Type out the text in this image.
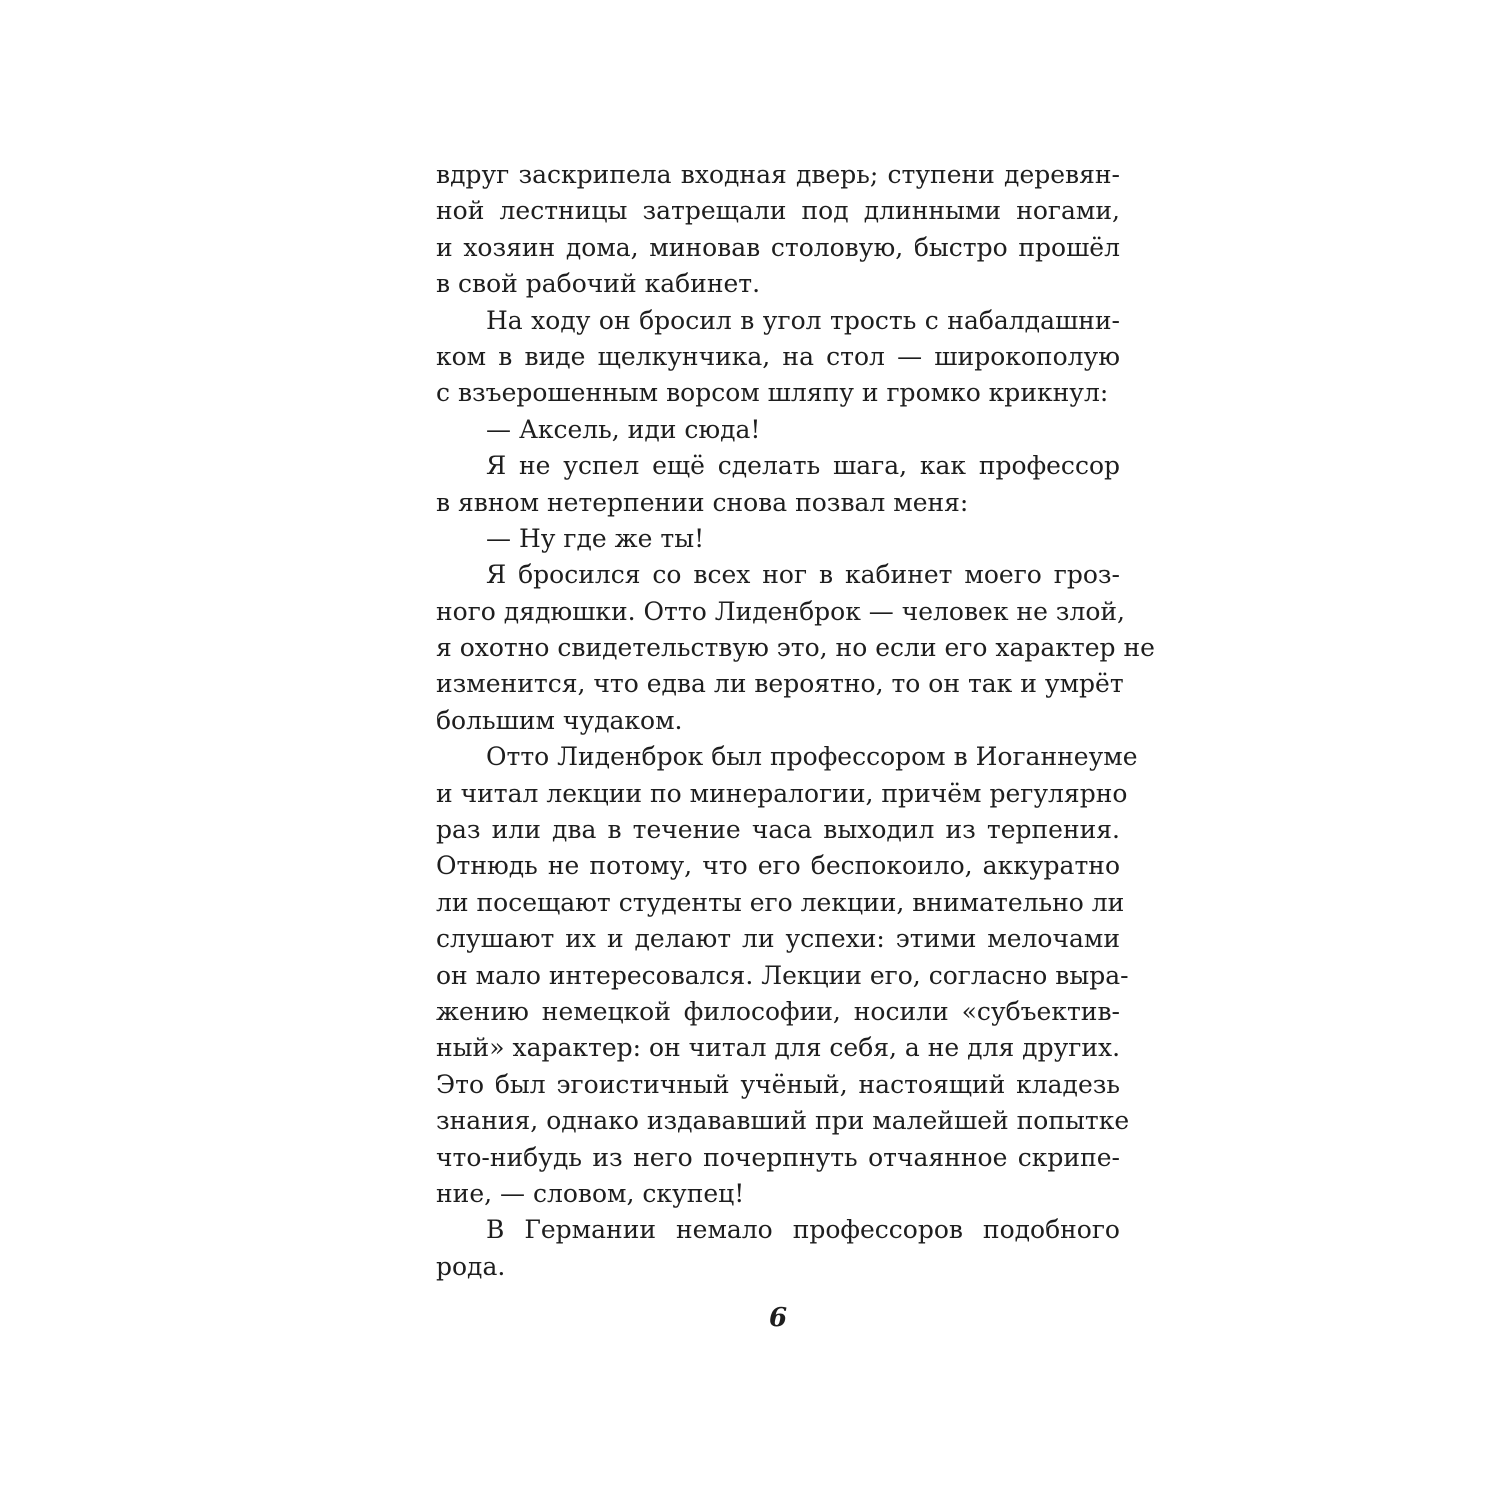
вдруг заскрипела входная дверь; ступени деревян-
ной лестницы затрещали под длинными ногами,
и хозяин дома, миновав столовую, быстро прошёл
в свой рабочий кабинет.
На ходу он бросил в угол трость с набалдашни-
ком в виде щелкунчика, на стол — широкополую
с взъерошенным ворсом шляпу и громко крикнул:
— Аксель, иди сюда!
Я не успел ещё сделать шага, как профессор
в явном нетерпении снова позвал меня:
— Ну где же ты!
Я бросился со всех ног в кабинет моего гроз-
ного дядюшки. Отто Лиденброк — человек не злой,
я охотно свидетельствую это, но если его характер не
изменится, что едва ли вероятно, то он так и умрёт
большим чудаком.
Отто Лиденброк был профессором в Иоганнеуме
и читал лекции по минералогии, причём регулярно
раз или два в течение часа выходил из терпения.
Отнюдь не потому, что его беспокоило, аккуратно
ли посещают студенты его лекции, внимательно ли
слушают их и делают ли успехи: этими мелочами
он мало интересовался. Лекции его, согласно выра-
жению немецкой философии, носили «субъектив-
ный» характер: он читал для себя, а не для других.
Это был эгоистичный учёный, настоящий кладезь
знания, однако издававший при малейшей попытке
что-нибудь из него почерпнуть отчаянное скрипе-
ние, — словом, скупец!
В Германии немало профессоров подобного
рода.
6
